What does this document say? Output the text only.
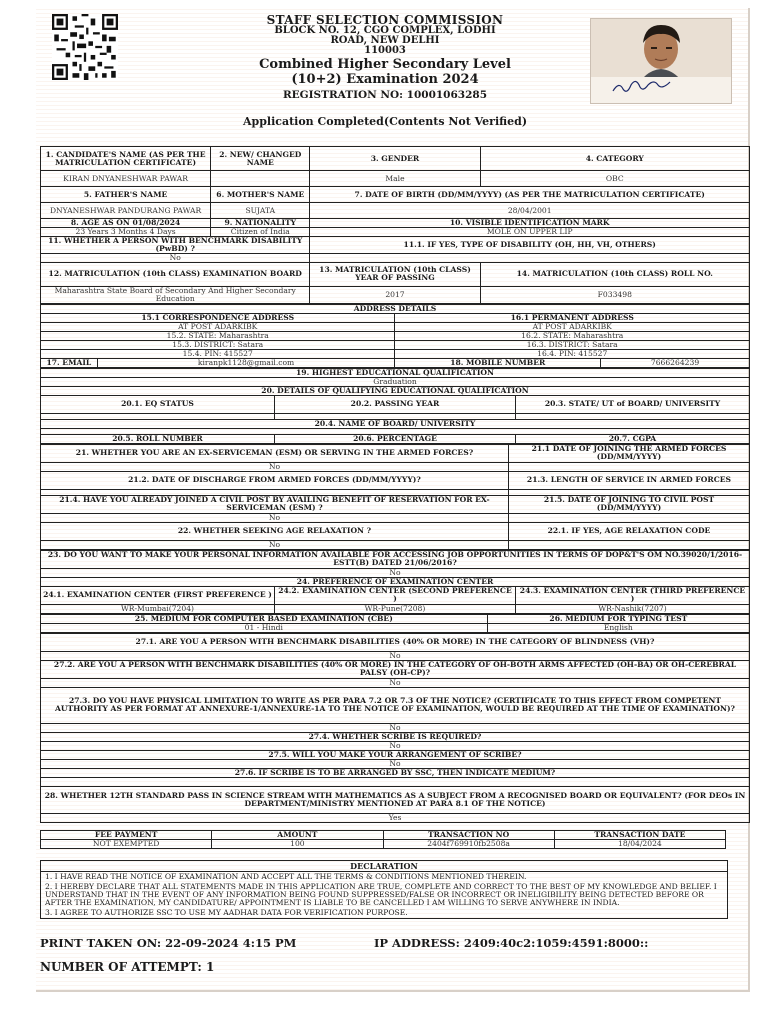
STAFF SELECTION COMMISSION
BLOCK NO. 12, CGO COMPLEX, LODHI
ROAD, NEW DELHI
110003
Combined Higher Secondary Level
(10+2) Examination 2024
REGISTRATION NO: 10001063285
Application Completed(Contents Not Verified)
1. CANDIDATE'S NAME (AS PER THE MATRICULATION CERTIFICATE)	2. NEW/ CHANGED NAME	3. GENDER	4. CATEGORY
KIRAN DNYANESHWAR PAWAR		Male	OBC
5. FATHER'S NAME	6. MOTHER'S NAME	7. DATE OF BIRTH (DD/MM/YYYY) (AS PER THE MATRICULATION CERTIFICATE)	
DNYANESHWAR PANDURANG PAWAR	SUJATA	28/04/2001	
8. AGE AS ON 01/08/2024	9. NATIONALITY	10. VISIBLE IDENTIFICATION MARK	
23 Years 3 Months 4 Days	Citizen of India	MOLE ON UPPER LIP	
11. WHETHER A PERSON WITH BENCHMARK DISABILITY (PwBD) ?		11.1. IF YES, TYPE OF DISABILITY (OH, HH, VH, OTHERS)	
No			
12. MATRICULATION (10th CLASS) EXAMINATION BOARD		13. MATRICULATION (10th CLASS) YEAR OF PASSING	14. MATRICULATION (10th CLASS) ROLL NO.
Maharashtra State Board of Secondary And Higher Secondary Education		2017	F033498
ADDRESS DETAILS			
15.1 CORRESPONDENCE ADDRESS		16.1 PERMANENT ADDRESS	
AT POST ADARKIBK		AT POST ADARKIBK	
15.2. STATE: Maharashtra		16.2. STATE: Maharashtra	
15.3. DISTRICT: Satara		16.3. DISTRICT: Satara	
15.4. PIN: 415527		16.4. PIN: 415527	
17. EMAIL	kiranpk1128@gmail.com	18. MOBILE NUMBER	7666264239
19. HIGHEST EDUCATIONAL QUALIFICATION		
Graduation		
20. DETAILS OF QUALIFYING EDUCATIONAL QUALIFICATION		
20.1. EQ STATUS	20.2. PASSING YEAR	20.3. STATE/ UT of BOARD/ UNIVERSITY

20.4. NAME OF BOARD/ UNIVERSITY		

20.5. ROLL NUMBER	20.6. PERCENTAGE	20.7. CGPA
21. WHETHER YOU ARE AN EX-SERVICEMAN (ESM) OR SERVING IN THE ARMED FORCES?	21.1 DATE OF JOINING THE ARMED FORCES (DD/MM/YYYY)
No	
21.2. DATE OF DISCHARGE FROM ARMED FORCES (DD/MM/YYYY)?	21.3. LENGTH OF SERVICE IN ARMED FORCES

21.4. HAVE YOU ALREADY JOINED A CIVIL POST BY AVAILING BENEFIT OF RESERVATION FOR EX-SERVICEMAN (ESM) ?	21.5. DATE OF JOINING TO CIVIL POST (DD/MM/YYYY)
No	
22. WHETHER SEEKING AGE RELAXATION ?	22.1. IF YES, AGE RELAXATION CODE
No	
23. DO YOU WANT TO MAKE YOUR PERSONAL INFORMATION AVAILABLE FOR ACCESSING JOB OPPORTUNITIES IN TERMS OF DOP&T'S OM NO.39020/1/2016-ESTT(B) DATED 21/06/2016?		
No		
24. PREFERENCE OF EXAMINATION CENTER		
24.1. EXAMINATION CENTER (FIRST PREFERENCE )	24.2. EXAMINATION CENTER (SECOND PREFERENCE )	24.3. EXAMINATION CENTER (THIRD PREFERENCE )
WR-Mumbai(7204)	WR-Pune(7208)	WR-Nashik(7207)
25. MEDIUM FOR COMPUTER BASED EXAMINATION (CBE)	26. MEDIUM FOR TYPING TEST
01 - Hindi	English
27.1. ARE YOU A PERSON WITH BENCHMARK DISABILITIES (40% OR MORE) IN THE CATEGORY OF BLINDNESS (VH)?
No
27.2. ARE YOU A PERSON WITH BENCHMARK DISABILITIES (40% OR MORE) IN THE CATEGORY OF OH-BOTH ARMS AFFECTED (OH-BA) OR OH-CEREBRAL PALSY (OH-CP)?
No
27.3. DO YOU HAVE PHYSICAL LIMITATION TO WRITE AS PER PARA 7.2 OR 7.3 OF THE NOTICE? (CERTIFICATE TO THIS EFFECT FROM COMPETENT AUTHORITY AS PER FORMAT AT ANNEXURE-1/ANNEXURE-1A TO THE NOTICE OF EXAMINATION, WOULD BE REQUIRED AT THE TIME OF EXAMINATION)?
No
27.4. WHETHER SCRIBE IS REQUIRED?
No
27.5. WILL YOU MAKE YOUR ARRANGEMENT OF SCRIBE?
No
27.6. IF SCRIBE IS TO BE ARRANGED BY SSC, THEN INDICATE MEDIUM?

28. WHETHER 12TH STANDARD PASS IN SCIENCE STREAM WITH MATHEMATICS AS A SUBJECT FROM A RECOGNISED BOARD OR EQUIVALENT? (FOR DEOs IN DEPARTMENT/MINISTRY MENTIONED AT PARA 8.1 OF THE NOTICE)
Yes
FEE PAYMENT	AMOUNT	TRANSACTION NO	TRANSACTION DATE
NOT EXEMPTED	100	2404f769910fb2508a	18/04/2024
DECLARATION
1. I HAVE READ THE NOTICE OF EXAMINATION AND ACCEPT ALL THE TERMS & CONDITIONS MENTIONED THEREIN.
2. I HEREBY DECLARE THAT ALL STATEMENTS MADE IN THIS APPLICATION ARE TRUE, COMPLETE AND CORRECT TO THE BEST OF MY KNOWLEDGE AND BELIEF. I UNDERSTAND THAT IN THE EVENT OF ANY INFORMATION BEING FOUND SUPPRESSED/FALSE OR INCORRECT OR INELIGIBILITY BEING DETECTED BEFORE OR AFTER THE EXAMINATION, MY CANDIDATURE/ APPOINTMENT IS LIABLE TO BE CANCELLED I AM WILLING TO SERVE ANYWHERE IN INDIA.
3. I AGREE TO AUTHORIZE SSC TO USE MY AADHAR DATA FOR VERIFICATION PURPOSE.
PRINT TAKEN ON: 22-09-2024 4:15 PM	IP ADDRESS: 2409:40c2:1059:4591:8000::
NUMBER OF ATTEMPT: 1
